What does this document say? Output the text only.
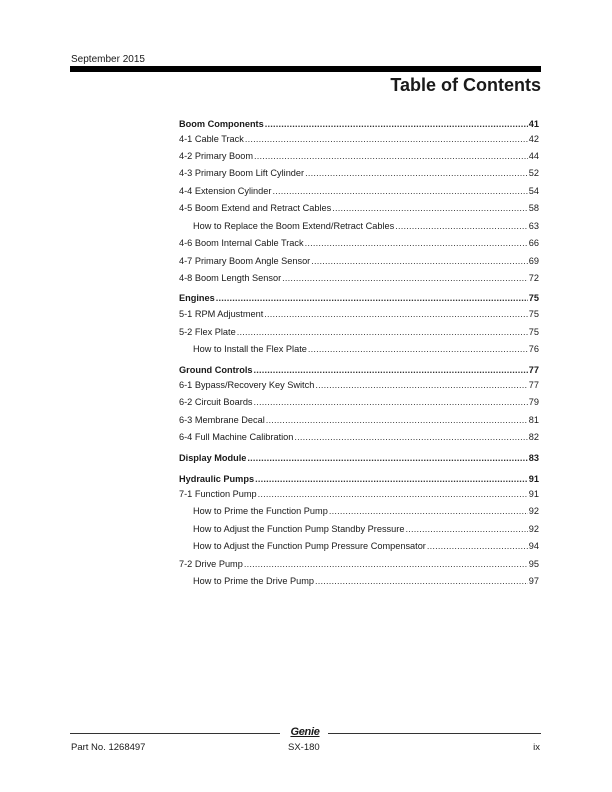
September 2015
Table of Contents
Boom Components .....	41
4-1 Cable Track .....	42
4-2 Primary Boom .....	44
4-3 Primary Boom Lift Cylinder .....	52
4-4 Extension Cylinder .....	54
4-5 Boom Extend and Retract Cables .....	58
How to Replace the Boom Extend/Retract Cables .....	63
4-6 Boom Internal Cable Track .....	66
4-7 Primary Boom Angle Sensor .....	69
4-8 Boom Length Sensor .....	72
Engines .....	75
5-1 RPM Adjustment .....	75
5-2 Flex Plate .....	75
How to Install the Flex Plate .....	76
Ground Controls .....	77
6-1 Bypass/Recovery Key Switch .....	77
6-2 Circuit Boards .....	79
6-3 Membrane Decal .....	81
6-4 Full Machine Calibration .....	82
Display Module .....	83
Hydraulic Pumps .....	91
7-1 Function Pump .....	91
How to Prime the Function Pump .....	92
How to Adjust the Function Pump Standby Pressure .....	92
How to Adjust the Function Pump Pressure Compensator .....	94
7-2 Drive Pump .....	95
How to Prime the Drive Pump .....	97
Genie
Part No. 1268497	SX-180	ix
